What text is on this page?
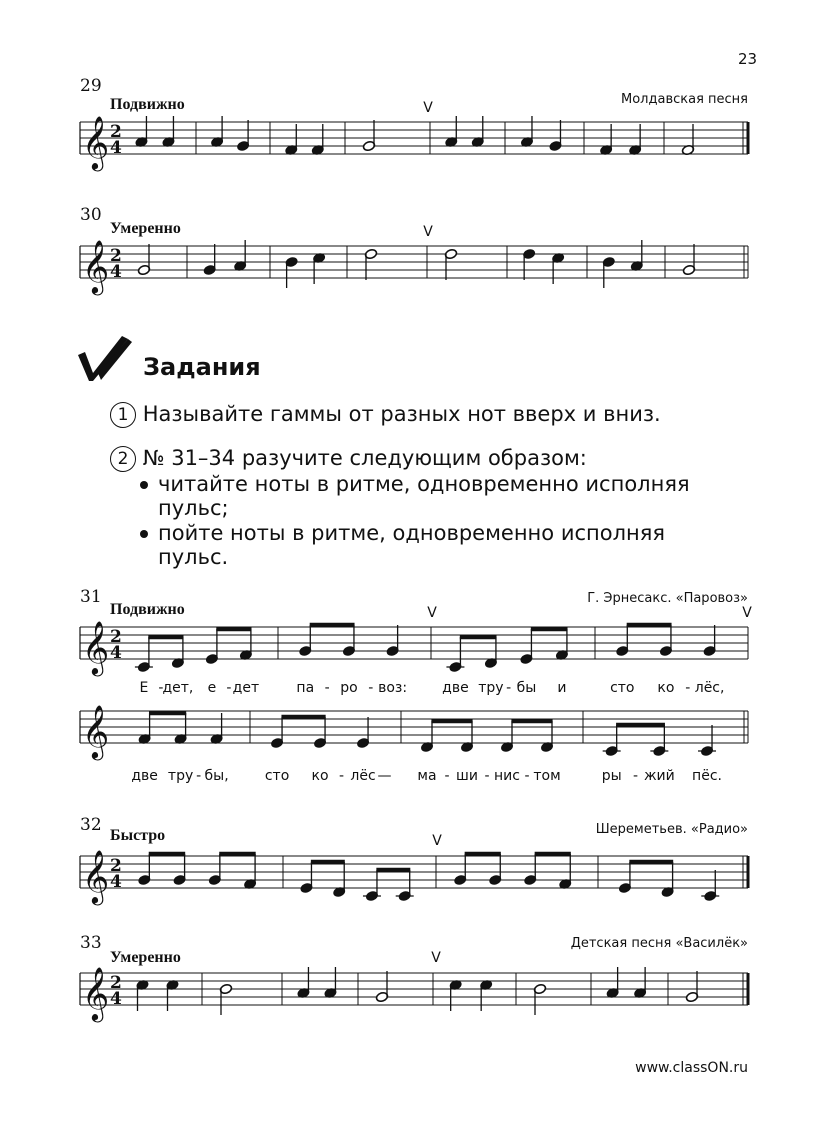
23
29
Подвижно	Молдавская песня
30
Умеренно
Задания
1 Называйте гаммы от разных нот вверх и вниз.
2 № 31–34 разучите следующим образом:
читайте ноты в ритме, одновременно исполняя
пульс;
пойте ноты в ритме, одновременно исполняя
пульс.
31
Подвижно
Г. Эрнесакс. «Паровоз»
32
Быстро	Шереметьев. «Радио»
33
Умеренно
Детская песня «Василёк»
www.classON.ru
𝄞 2
4
𝄞 2
4
𝄞 2
4
𝄞
𝄞 2
4
𝄞 2
4
V
V
V	V
V
V
Е - дет, е - дет	па - ро - воз:	две тру - бы и	сто ко - лёс,
две тру - бы,	сто ко - лёс — ма - ши - нис - том	ры - жий пёс.
